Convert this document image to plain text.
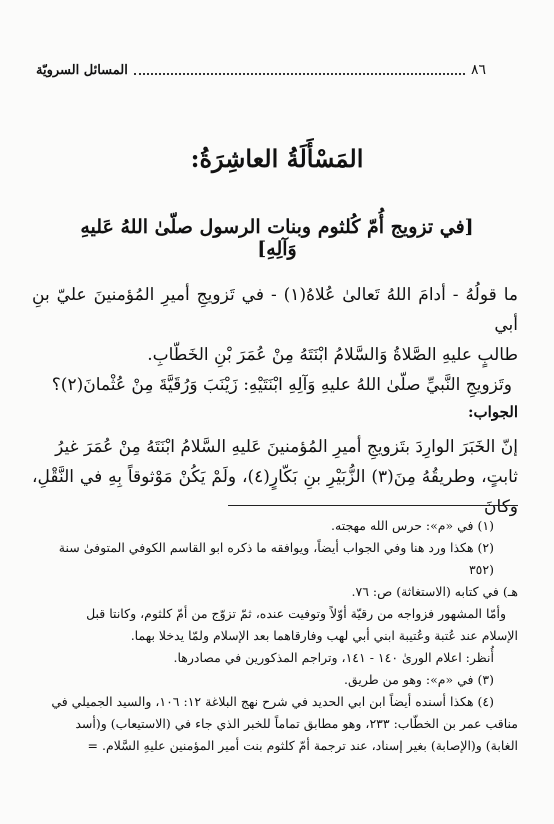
٨٦
المسائل السرويّة
المَسْأَلَةُ العاشِرَةُ:
[في تزويج أُمّ كُلثوم وبنات الرسول صلّىٰ اللهُ عَليهِ وَآلِهِ]
ما قولُهُ - أدامَ اللهُ تَعالىٰ عُلاهُ(١) - في تَزويجِ أميرِ المُؤمنينَ عليّ بنِ أبي
طالبٍ عليهِ الصَّلاةُ وَالسَّلامُ ابْنَتَهُ مِنْ عُمَرَ بْنِ الخَطّابِ.
وتَزويجِ النَّبيِّ صلّىٰ اللهُ عليهِ وَآلِهِ ابْنَتَيْهِ: زَيْنَبَ وَرُقَيَّةَ مِنْ عُثْمانَ(٢)؟
الجواب:
إنّ الخَبَرَ الوارِدَ بتَزويجِ أميرِ المُؤمنينَ عَليهِ السَّلامُ ابْنَتَهُ مِنْ عُمَرَ غيرُ
ثابتٍ، وطريقُهُ مِنَ(٣) الزُّبَيْرِ بنِ بَكّارٍ(٤)، ولَمْ يَكُنْ مَوْثوقاً بِهِ في النَّقْلِ، وكانَ

(١) في «م»: حرس الله مهجته.

(٢) هكذا ورد هنا وفي الجواب أيضاً، ويوافقه ما ذكره ابو القاسم الكوفي المتوفىٰ سنة (٣٥٢

هـ) في كتابه (الاستغاثة) ص: ٧٦.

وأمّا المشهور فزواجه من رقيّة أوّلاً وتوفيت عنده، ثمّ تزوّج من أمّ كلثوم، وكانتا قبل

الإسلام عند عُتبة وعُتيبة ابني أبي لهب وفارقاهما بعد الإسلام ولمّا يدخلا بهما.

أُنظر: اعلام الورىٰ ١٤٠ - ١٤١، وتراجم المذكورين في مصادرها.

(٣) في «م»: وهو من طريق.

(٤) هكذا أسنده أيضاً ابن ابي الحديد في شرح نهج البلاغة ١٢: ١٠٦، والسيد الجميلي في

مناقب عمر بن الخطّاب: ٢٣٣، وهو مطابق تماماً للخبر الذي جاء في (الاستيعاب) و(أسد

الغابة) و(الإصابة) بغير إسناد، عند ترجمة أمّ كلثوم بنت أمير المؤمنين عليهِ السَّلام. =
